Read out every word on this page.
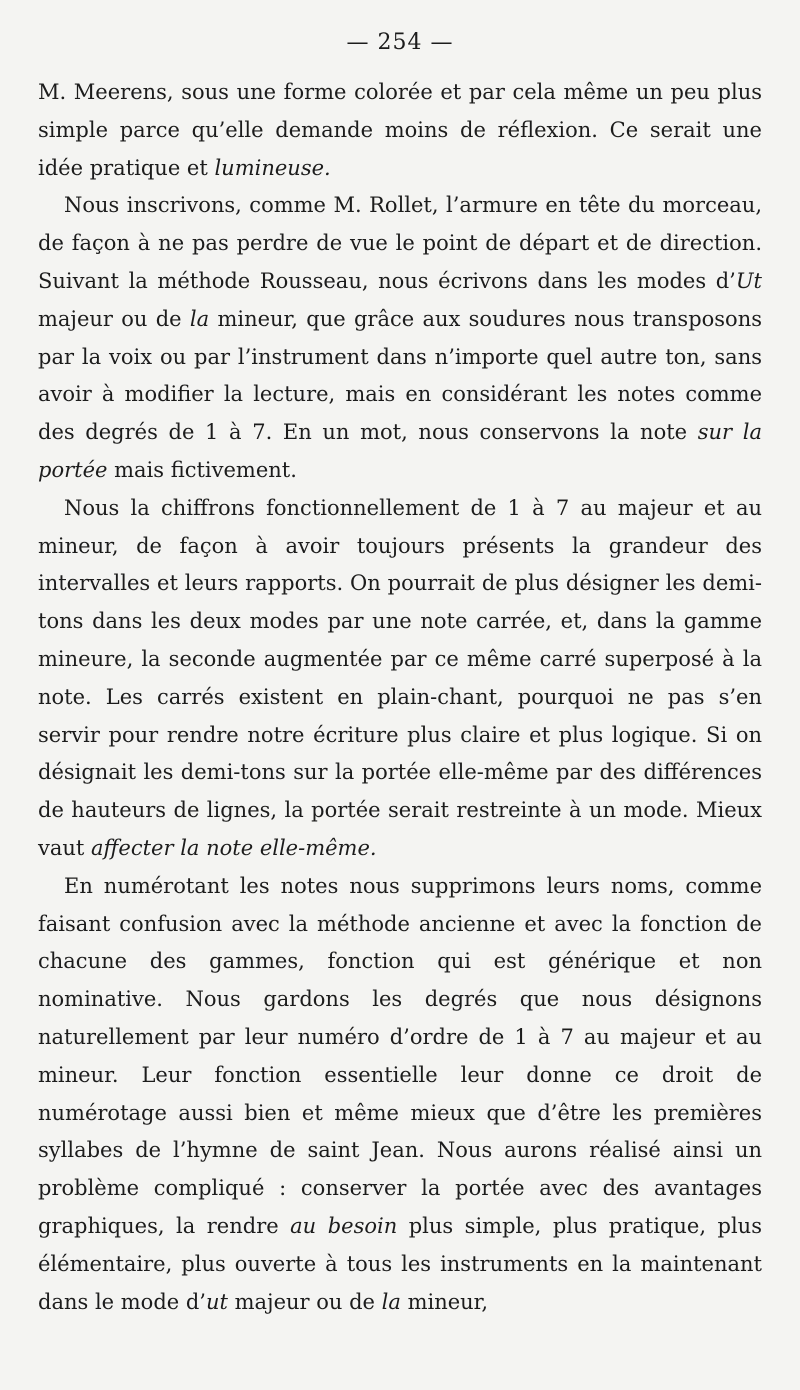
— 254 —

M. Meerens, sous une forme colorée et par cela même un peu plus simple parce qu’elle demande moins de réflexion. Ce serait une idée pratique et lumineuse.

Nous inscrivons, comme M. Rollet, l’armure en tête du morceau, de façon à ne pas perdre de vue le point de départ et de direction. Suivant la méthode Rousseau, nous écrivons dans les modes d’Ut majeur ou de la mineur, que grâce aux soudures nous transposons par la voix ou par l’instrument dans n’importe quel autre ton, sans avoir à modifier la lecture, mais en considérant les notes comme des degrés de 1 à 7. En un mot, nous conservons la note sur la portée mais fictivement.

Nous la chiffrons fonctionnellement de 1 à 7 au majeur et au mineur, de façon à avoir toujours présents la grandeur des intervalles et leurs rapports. On pourrait de plus désigner les demi-tons dans les deux modes par une note carrée, et, dans la gamme mineure, la seconde augmentée par ce même carré superposé à la note. Les carrés existent en plain-chant, pourquoi ne pas s’en servir pour rendre notre écriture plus claire et plus logique. Si on désignait les demi-tons sur la portée elle-même par des différences de hauteurs de lignes, la portée serait restreinte à un mode. Mieux vaut affecter la note elle-même.

En numérotant les notes nous supprimons leurs noms, comme faisant confusion avec la méthode ancienne et avec la fonction de chacune des gammes, fonction qui est générique et non nominative. Nous gardons les degrés que nous désignons naturellement par leur numéro d’ordre de 1 à 7 au majeur et au mineur. Leur fonction essentielle leur donne ce droit de numérotage aussi bien et même mieux que d’être les premières syllabes de l’hymne de saint Jean. Nous aurons réalisé ainsi un problème compliqué : conserver la portée avec des avantages graphiques, la rendre au besoin plus simple, plus pratique, plus élémentaire, plus ouverte à tous les instruments en la maintenant dans le mode d’ut majeur ou de la mineur,
